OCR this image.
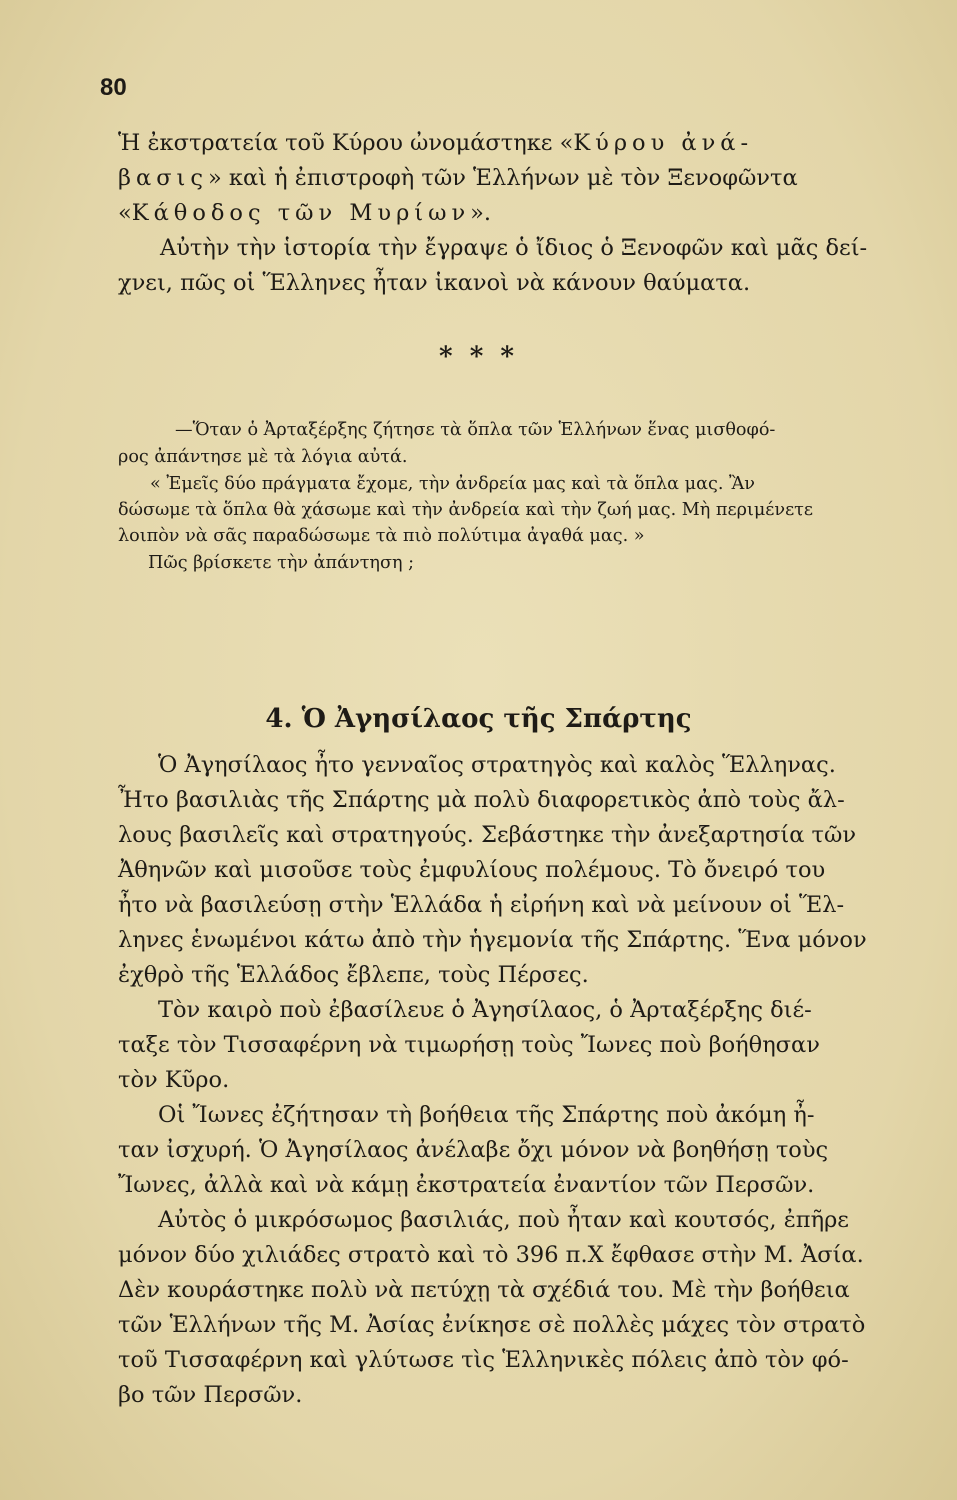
80

Ἡ ἐκστρατεία τοῦ Κύρου ὠνομάστηκε «Κύρου ἀνά-

βασις» καὶ ἡ ἐπιστροφὴ τῶν Ἑλλήνων μὲ τὸν Ξενοφῶντα

«Κάθοδος τῶν Μυρίων».

Αὐτὴν τὴν ἱστορία τὴν ἔγραψε ὁ ἴδιος ὁ Ξενοφῶν καὶ μᾶς δεί-

χνει, πῶς οἱ Ἕλληνες ἦταν ἱκανοὶ νὰ κάνουν θαύματα.

* * *

—Ὅταν ὁ Ἀρταξέρξης ζήτησε τὰ ὅπλα τῶν Ἑλλήνων ἕνας μισθοφό-

ρος ἀπάντησε μὲ τὰ λόγια αὐτά.

« Ἐμεῖς δύο πράγματα ἔχομε, τὴν ἀνδρεία μας καὶ τὰ ὅπλα μας. Ἂν

δώσωμε τὰ ὅπλα θὰ χάσωμε καὶ τὴν ἀνδρεία καὶ τὴν ζωή μας. Μὴ περιμένετε

λοιπὸν νὰ σᾶς παραδώσωμε τὰ πιὸ πολύτιμα ἀγαθά μας. »

Πῶς βρίσκετε τὴν ἀπάντηση ;

4. Ὁ Ἀγησίλαος τῆς Σπάρτης

Ὁ Ἀγησίλαος ἦτο γενναῖος στρατηγὸς καὶ καλὸς Ἕλληνας.

Ἦτο βασιλιὰς τῆς Σπάρτης μὰ πολὺ διαφορετικὸς ἀπὸ τοὺς ἄλ-

λους βασιλεῖς καὶ στρατηγούς. Σεβάστηκε τὴν ἀνεξαρτησία τῶν

Ἀθηνῶν καὶ μισοῦσε τοὺς ἐμφυλίους πολέμους. Τὸ ὄνειρό του

ἦτο νὰ βασιλεύσῃ στὴν Ἑλλάδα ἡ εἰρήνη καὶ νὰ μείνουν οἱ Ἕλ-

ληνες ἑνωμένοι κάτω ἀπὸ τὴν ἡγεμονία τῆς Σπάρτης. Ἕνα μόνον

ἐχθρὸ τῆς Ἑλλάδος ἔβλεπε, τοὺς Πέρσες.

Τὸν καιρὸ ποὺ ἐβασίλευε ὁ Ἀγησίλαος, ὁ Ἀρταξέρξης διέ-

ταξε τὸν Τισσαφέρνη νὰ τιμωρήσῃ τοὺς Ἴωνες ποὺ βοήθησαν

τὸν Κῦρο.

Οἱ Ἴωνες ἐζήτησαν τὴ βοήθεια τῆς Σπάρτης ποὺ ἀκόμη ἦ-

ταν ἰσχυρή. Ὁ Ἀγησίλαος ἀνέλαβε ὄχι μόνον νὰ βοηθήσῃ τοὺς

Ἴωνες, ἀλλὰ καὶ νὰ κάμῃ ἐκστρατεία ἐναντίον τῶν Περσῶν.

Αὐτὸς ὁ μικρόσωμος βασιλιάς, ποὺ ἦταν καὶ κουτσός, ἐπῆρε

μόνον δύο χιλιάδες στρατὸ καὶ τὸ 396 π.Χ ἔφθασε στὴν Μ. Ἀσία.

Δὲν κουράστηκε πολὺ νὰ πετύχῃ τὰ σχέδιά του. Μὲ τὴν βοήθεια

τῶν Ἑλλήνων τῆς Μ. Ἀσίας ἐνίκησε σὲ πολλὲς μάχες τὸν στρατὸ

τοῦ Τισσαφέρνη καὶ γλύτωσε τὶς Ἑλληνικὲς πόλεις ἀπὸ τὸν φό-

βο τῶν Περσῶν.
